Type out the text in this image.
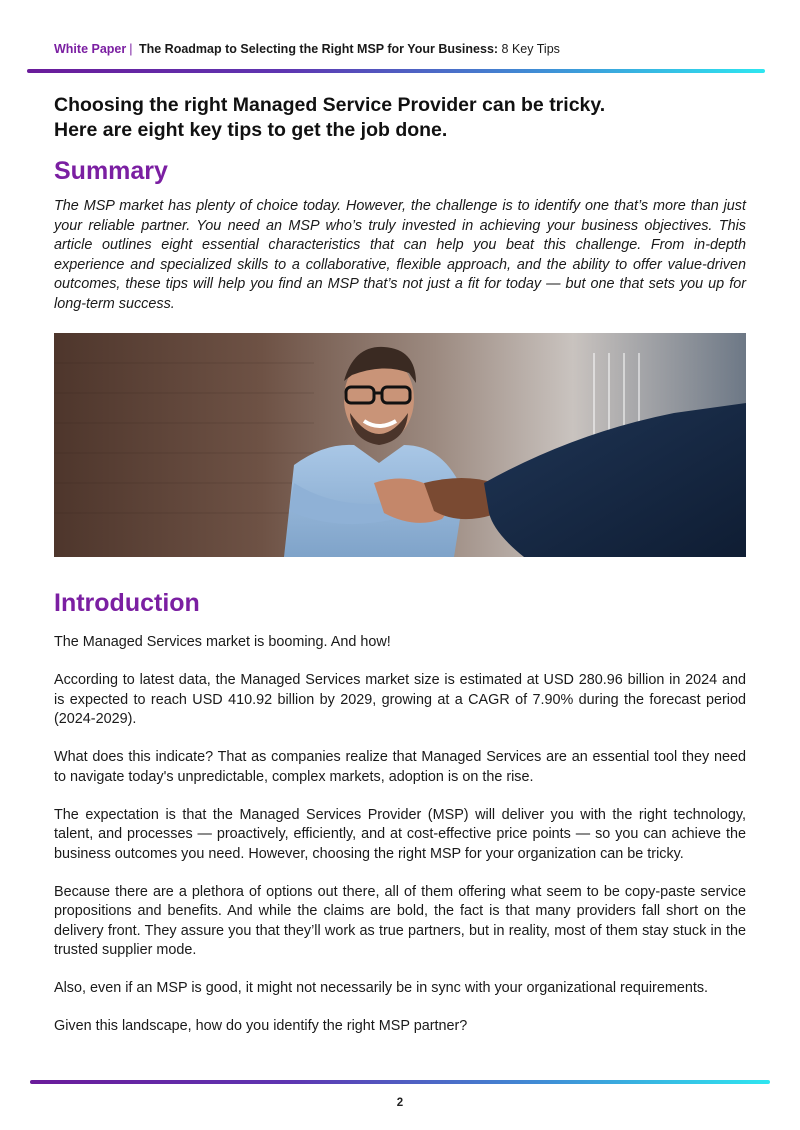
White Paper | The Roadmap to Selecting the Right MSP for Your Business: 8 Key Tips

Choosing the right Managed Service Provider can be tricky.
Here are eight key tips to get the job done.

Summary

The MSP market has plenty of choice today. However, the challenge is to identify one that’s more than just your reliable partner. You need an MSP who’s truly invested in achieving your business objectives. This article outlines eight essential characteristics that can help you beat this challenge. From in-depth experience and specialized skills to a collaborative, flexible approach, and the ability to offer value-driven outcomes, these tips will help you find an MSP that’s not just a fit for today — but one that sets you up for long-term success.

Introduction

The Managed Services market is booming. And how!

According to latest data, the Managed Services market size is estimated at USD 280.96 billion in 2024 and is expected to reach USD 410.92 billion by 2029, growing at a CAGR of 7.90% during the forecast period (2024-2029).

What does this indicate? That as companies realize that Managed Services are an essential tool they need to navigate today's unpredictable, complex markets, adoption is on the rise.

The expectation is that the Managed Services Provider (MSP) will deliver you with the right technology, talent, and processes — proactively, efficiently, and at cost-effective price points — so you can achieve the business outcomes you need. However, choosing the right MSP for your organization can be tricky.

Because there are a plethora of options out there, all of them offering what seem to be copy-paste service propositions and benefits. And while the claims are bold, the fact is that many providers fall short on the delivery front. They assure you that they’ll work as true partners, but in reality, most of them stay stuck in the trusted supplier mode.

Also, even if an MSP is good, it might not necessarily be in sync with your organizational requirements.

Given this landscape, how do you identify the right MSP partner?

2
